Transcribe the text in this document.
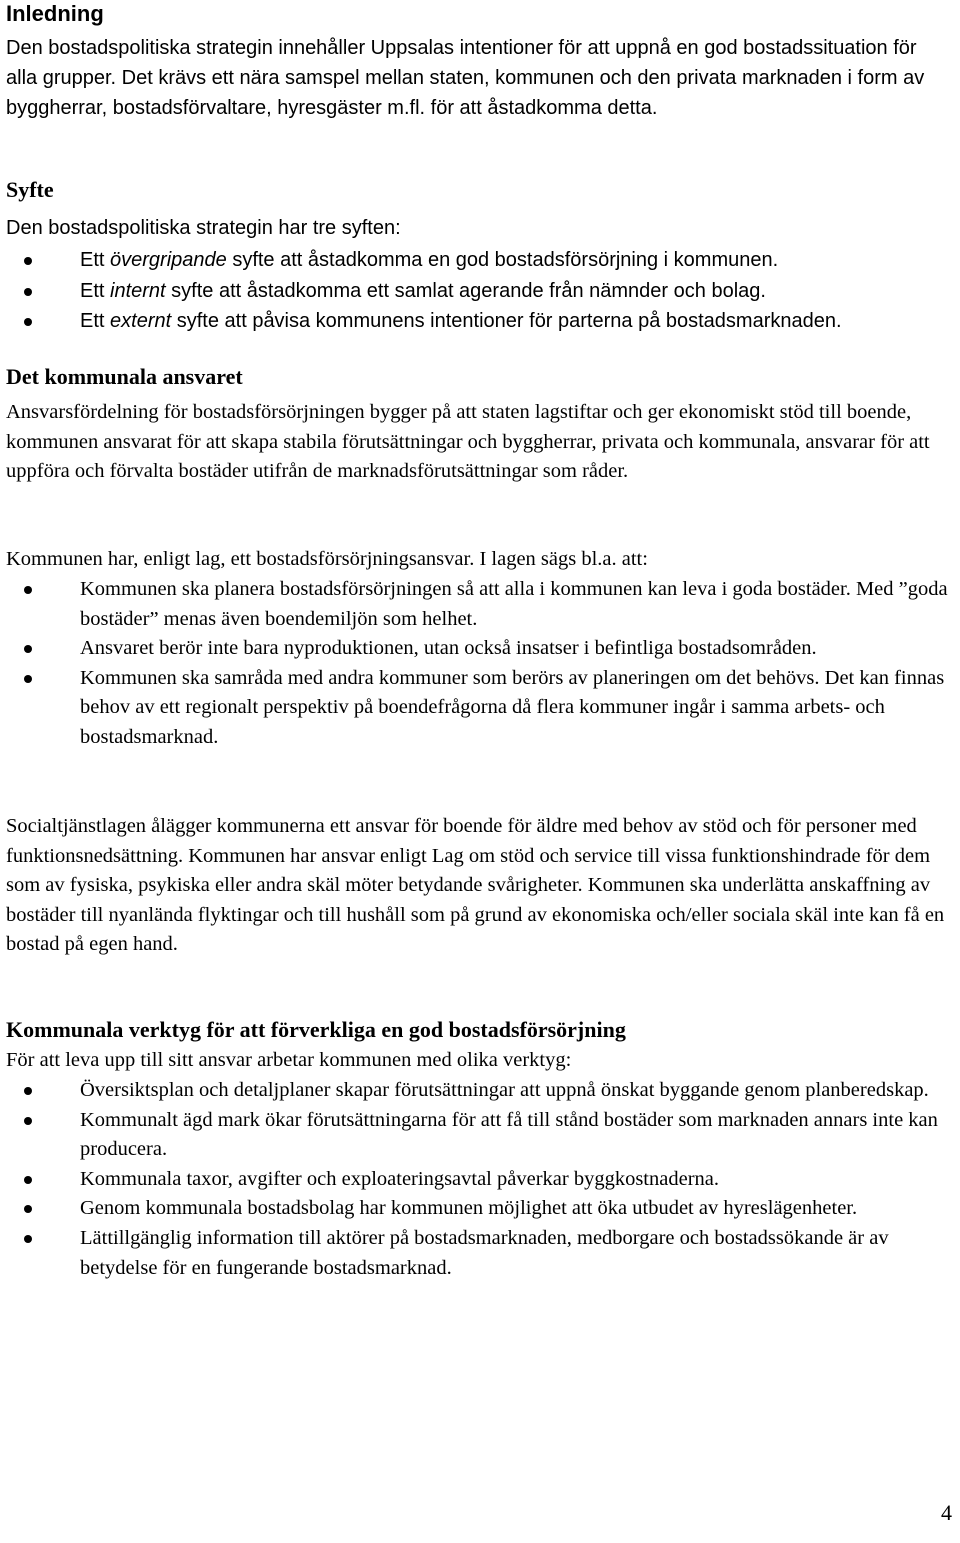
Inledning

Den bostadspolitiska strategin innehåller Uppsalas intentioner för att uppnå en god bostadssituation för alla grupper. Det krävs ett nära samspel mellan staten, kommunen och den privata marknaden i form av byggherrar, bostadsförvaltare, hyresgäster m.fl. för att åstadkomma detta.

Syfte

Den bostadspolitiska strategin har tre syften:

Ett övergripande syfte att åstadkomma en god bostadsförsörjning i kommunen.
Ett internt syfte att åstadkomma ett samlat agerande från nämnder och bolag.
Ett externt syfte att påvisa kommunens intentioner för parterna på bostadsmarknaden.
Det kommunala ansvaret

Ansvarsfördelning för bostadsförsörjningen bygger på att staten lagstiftar och ger ekonomiskt stöd till boende, kommunen ansvarat för att skapa stabila förutsättningar och byggherrar, privata och kommunala, ansvarar för att uppföra och förvalta bostäder utifrån de marknadsförutsättningar som råder.

Kommunen har, enligt lag, ett bostadsförsörjningsansvar. I lagen sägs bl.a. att:

Kommunen ska planera bostadsförsörjningen så att alla i kommunen kan leva i goda bostäder. Med ”goda bostäder” menas även boendemiljön som helhet.
Ansvaret berör inte bara nyproduktionen, utan också insatser i befintliga bostadsområden.
Kommunen ska samråda med andra kommuner som berörs av planeringen om det behövs. Det kan finnas behov av ett regionalt perspektiv på boendefrågorna då flera kommuner ingår i samma arbets- och bostadsmarknad.

Socialtjänstlagen ålägger kommunerna ett ansvar för boende för äldre med behov av stöd och för personer med funktionsnedsättning. Kommunen har ansvar enligt Lag om stöd och service till vissa funktionshindrade för dem som av fysiska, psykiska eller andra skäl möter betydande svårigheter. Kommunen ska underlätta anskaffning av bostäder till nyanlända flyktingar och till hushåll som på grund av ekonomiska och/eller sociala skäl inte kan få en bostad på egen hand.

Kommunala verktyg för att förverkliga en god bostadsförsörjning

För att leva upp till sitt ansvar arbetar kommunen med olika verktyg:

Översiktsplan och detaljplaner skapar förutsättningar att uppnå önskat byggande genom planberedskap.
Kommunalt ägd mark ökar förutsättningarna för att få till stånd bostäder som marknaden annars inte kan producera.
Kommunala taxor, avgifter och exploateringsavtal påverkar byggkostnaderna.
Genom kommunala bostadsbolag har kommunen möjlighet att öka utbudet av hyreslägenheter.
Lättillgänglig information till aktörer på bostadsmarknaden, medborgare och bostadssökande är av betydelse för en fungerande bostadsmarknad.
4
